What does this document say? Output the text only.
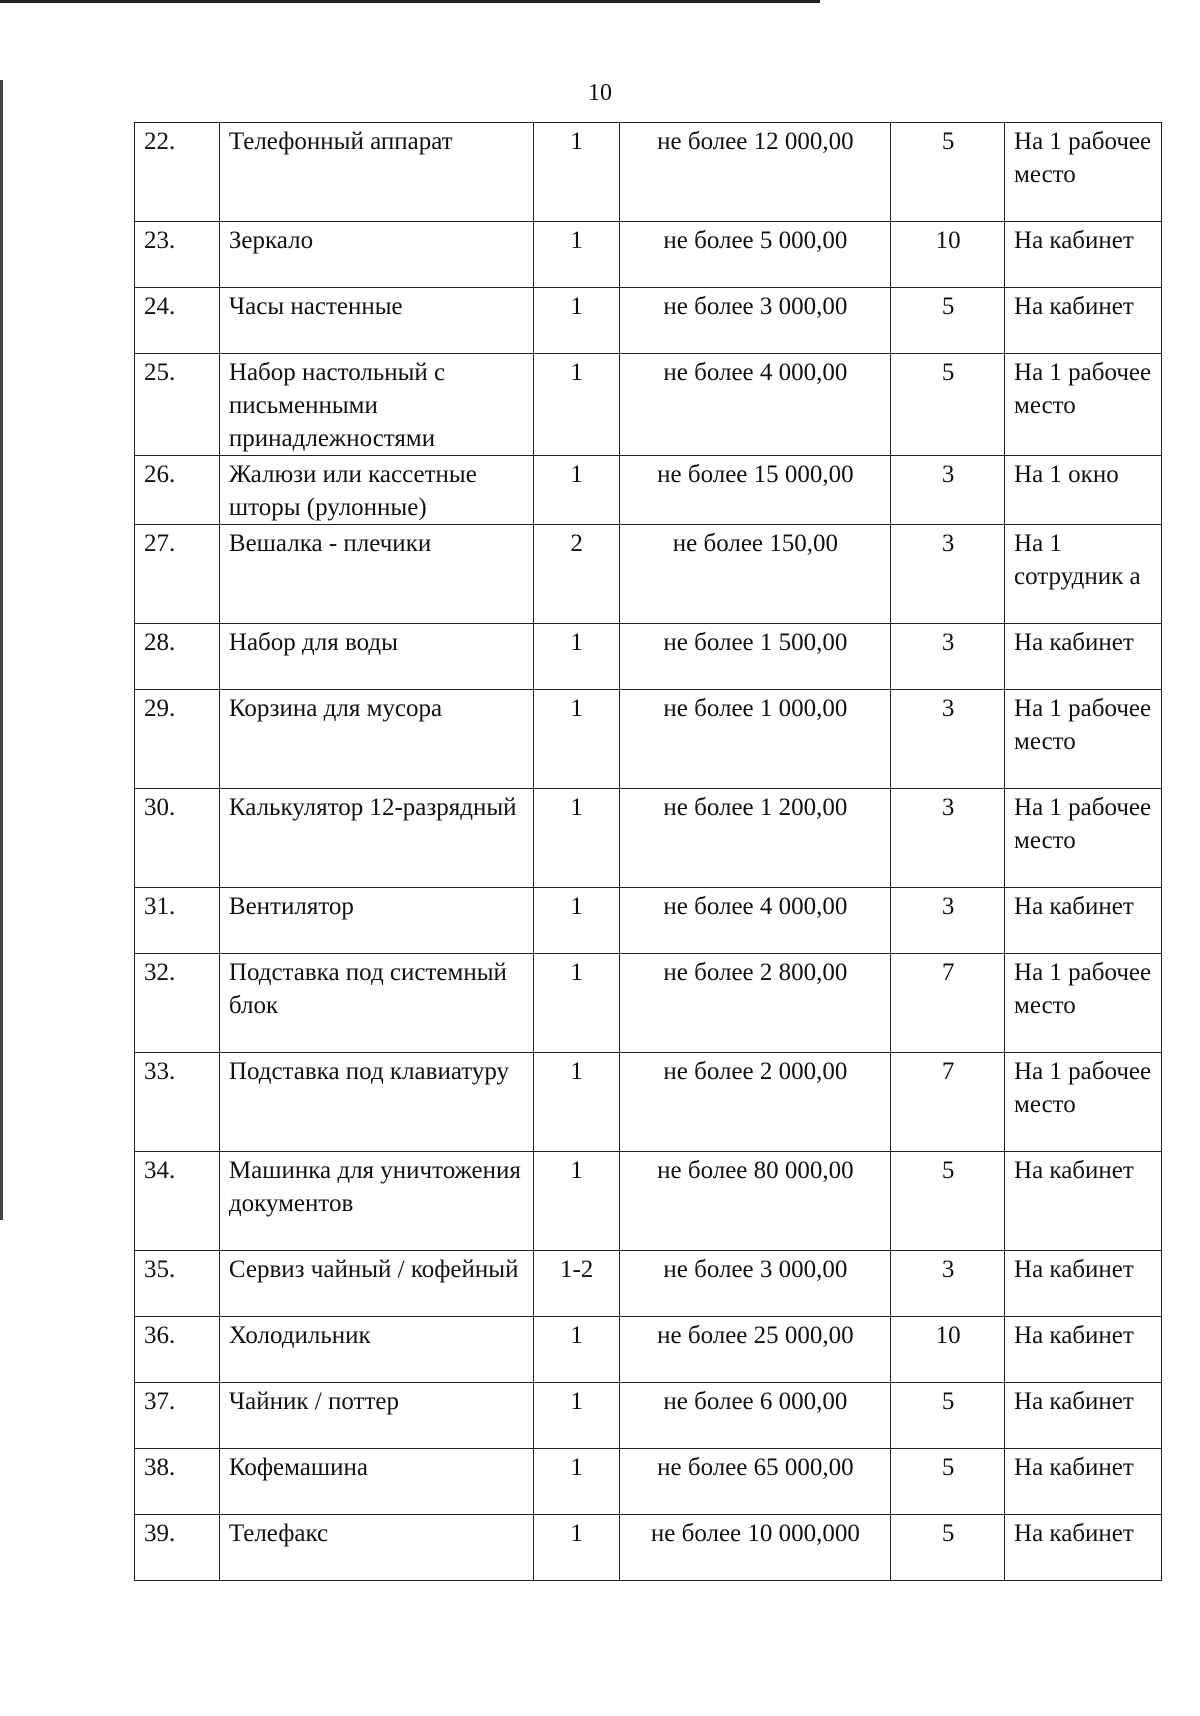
10
22.	Телефонный аппарат	1	не более 12 000,00	5	На 1 рабочее место
23.	Зеркало	1	не более 5 000,00	10	На кабинет
24.	Часы настенные	1	не более 3 000,00	5	На кабинет
25.	Набор настольный с письменными принадлежностями	1	не более 4 000,00	5	На 1 рабочее место
26.	Жалюзи или кассетные шторы (рулонные)	1	не более 15 000,00	3	На 1 окно
27.	Вешалка - плечики	2	не более 150,00	3	На 1 сотрудник а
28.	Набор для воды	1	не более 1 500,00	3	На кабинет
29.	Корзина для мусора	1	не более 1 000,00	3	На 1 рабочее место
30.	Калькулятор 12-разрядный	1	не более 1 200,00	3	На 1 рабочее место
31.	Вентилятор	1	не более 4 000,00	3	На кабинет
32.	Подставка под системный блок	1	не более 2 800,00	7	На 1 рабочее место
33.	Подставка под клавиатуру	1	не более 2 000,00	7	На 1 рабочее место
34.	Машинка для уничтожения документов	1	не более 80 000,00	5	На кабинет
35.	Сервиз чайный / кофейный	1-2	не более 3 000,00	3	На кабинет
36.	Холодильник	1	не более 25 000,00	10	На кабинет
37.	Чайник / поттер	1	не более 6 000,00	5	На кабинет
38.	Кофемашина	1	не более 65 000,00	5	На кабинет
39.	Телефакс	1	не более 10 000,000	5	На кабинет
